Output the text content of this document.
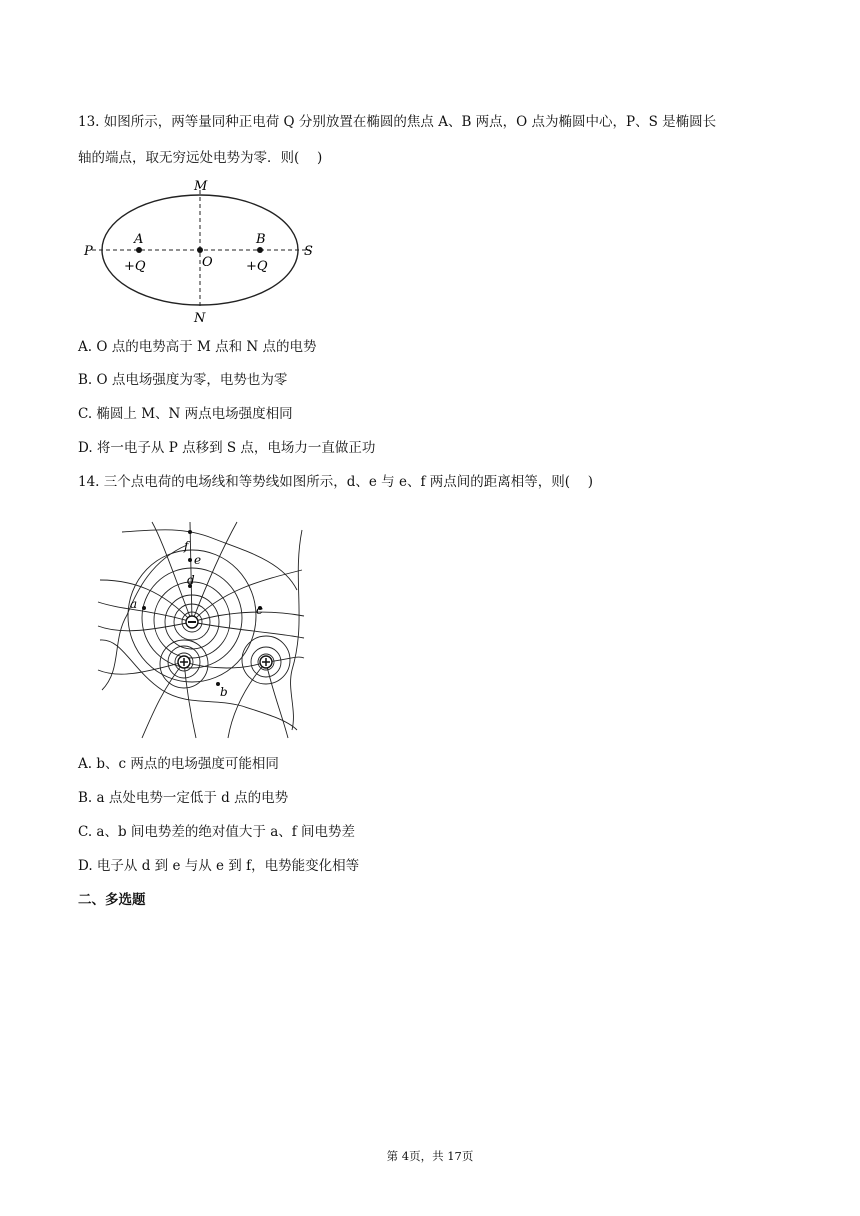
13. 如图所示，两等量同种正电荷 Q 分别放置在椭圆的焦点 A、B 两点，O 点为椭圆中心，P、S 是椭圆长
轴的端点，取无穷远处电势为零．则(　 )
M
N
P	S
A	B
O
+Q	+Q
A. O 点的电势高于 M 点和 N 点的电势
B. O 点电场强度为零，电势也为零
C. 椭圆上 M、N 两点电场强度相同
D. 将一电子从 P 点移到 S 点，电场力一直做正功
14. 三个点电荷的电场线和等势线如图所示，d、e 与 e、f 两点间的距离相等，则(　 )
f
e
d
a	c
b
A. b、c 两点的电场强度可能相同
B. a 点处电势一定低于 d 点的电势
C. a、b 间电势差的绝对值大于 a、f 间电势差
D. 电子从 d 到 e 与从 e 到 f，电势能变化相等
二、多选题
第 4页，共 17页
